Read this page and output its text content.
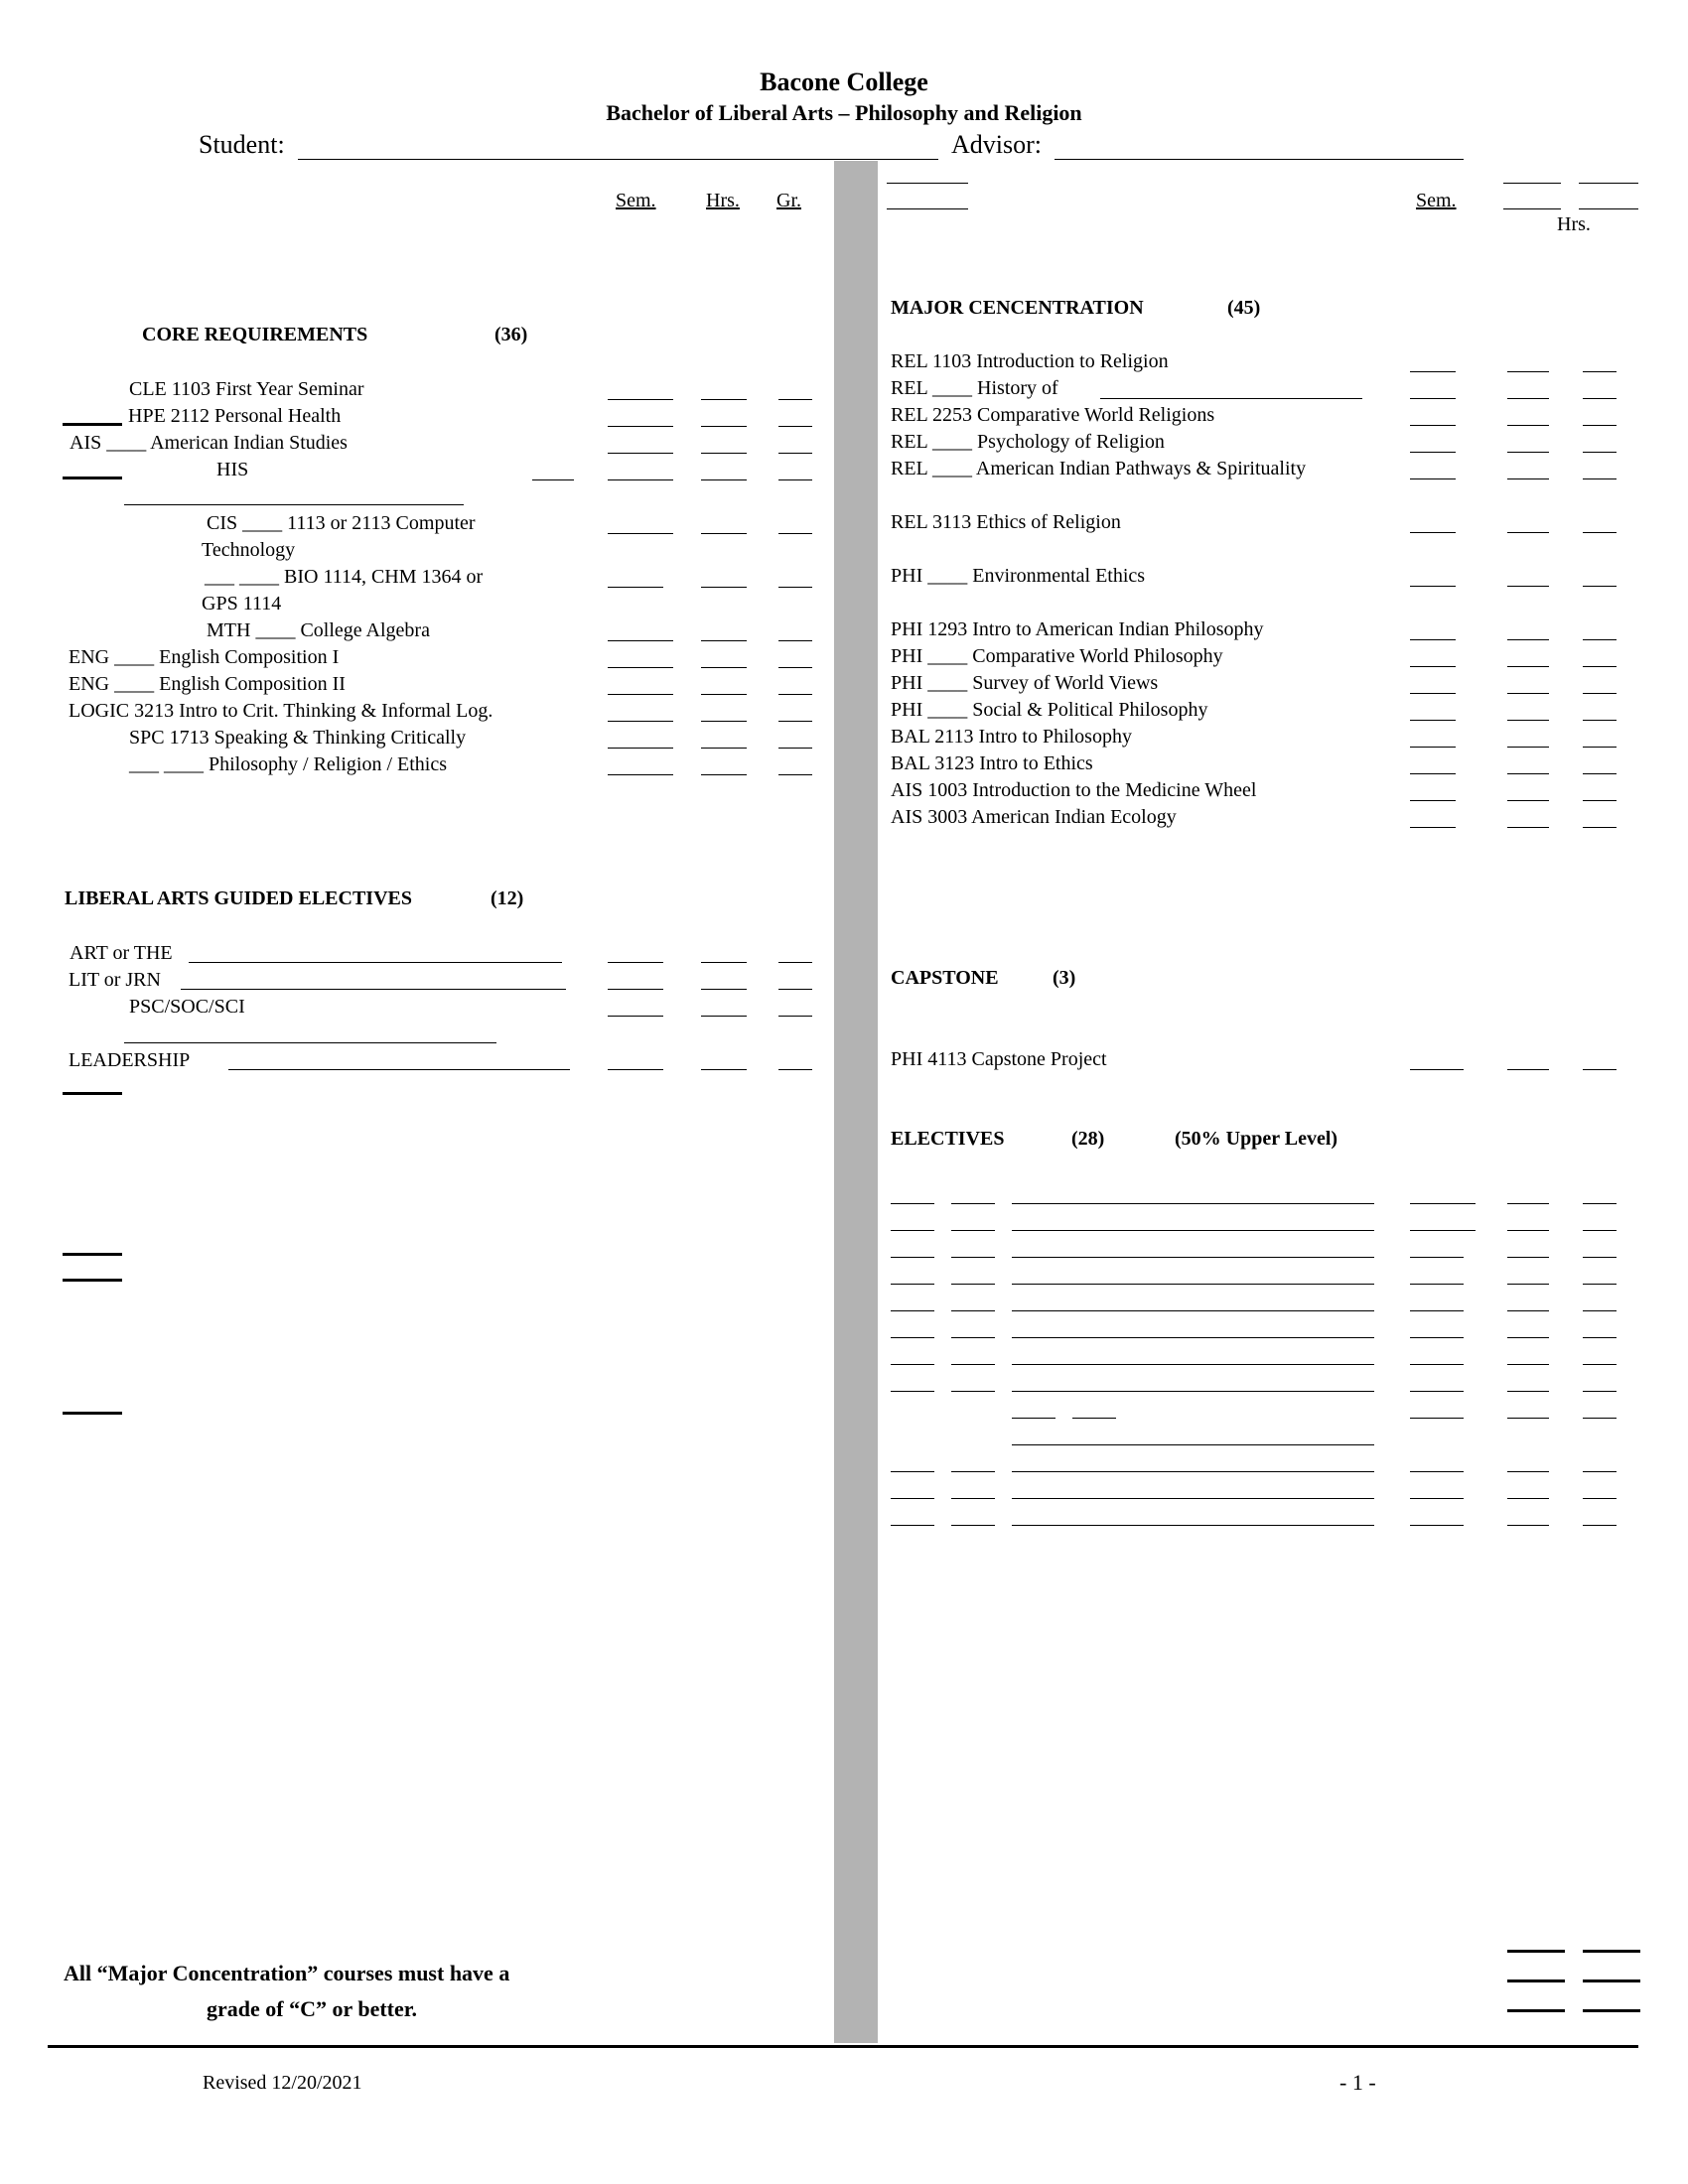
Bacone College
Bachelor of Liberal Arts – Philosophy and Religion
Student:	Advisor:
Sem.	Hrs. Gr.	Sem.
Hrs.
CORE REQUIREMENTS	(36)
CLE 1103 First Year Seminar
HPE 2112 Personal Health
AIS ____ American Indian Studies
HIS
CIS ____ 1113 or 2113 Computer
Technology
___ ____ BIO 1114, CHM 1364 or
GPS 1114
MTH ____ College Algebra
ENG ____ English Composition I
ENG ____ English Composition II
LOGIC 3213 Intro to Crit. Thinking & Informal Log.
SPC 1713 Speaking & Thinking Critically
___ ____ Philosophy / Religion / Ethics
LIBERAL ARTS GUIDED ELECTIVES	(12)
ART or THE
LIT or JRN
PSC/SOC/SCI
LEADERSHIP
All “Major Concentration” courses must have a
grade of “C” or better.
MAJOR CENCENTRATION	(45)
REL 1103 Introduction to Religion
REL ____ History of
REL 2253 Comparative World Religions
REL ____ Psychology of Religion
REL ____ American Indian Pathways & Spirituality
REL 3113 Ethics of Religion
PHI ____ Environmental Ethics
PHI 1293 Intro to American Indian Philosophy
PHI ____ Comparative World Philosophy
PHI ____ Survey of World Views
PHI ____ Social & Political Philosophy
BAL 2113 Intro to Philosophy
BAL 3123 Intro to Ethics
AIS 1003 Introduction to the Medicine Wheel
AIS 3003 American Indian Ecology
CAPSTONE	(3)
PHI 4113 Capstone Project
ELECTIVES	(28)	(50% Upper Level)
Revised 12/20/2021	- 1 -
